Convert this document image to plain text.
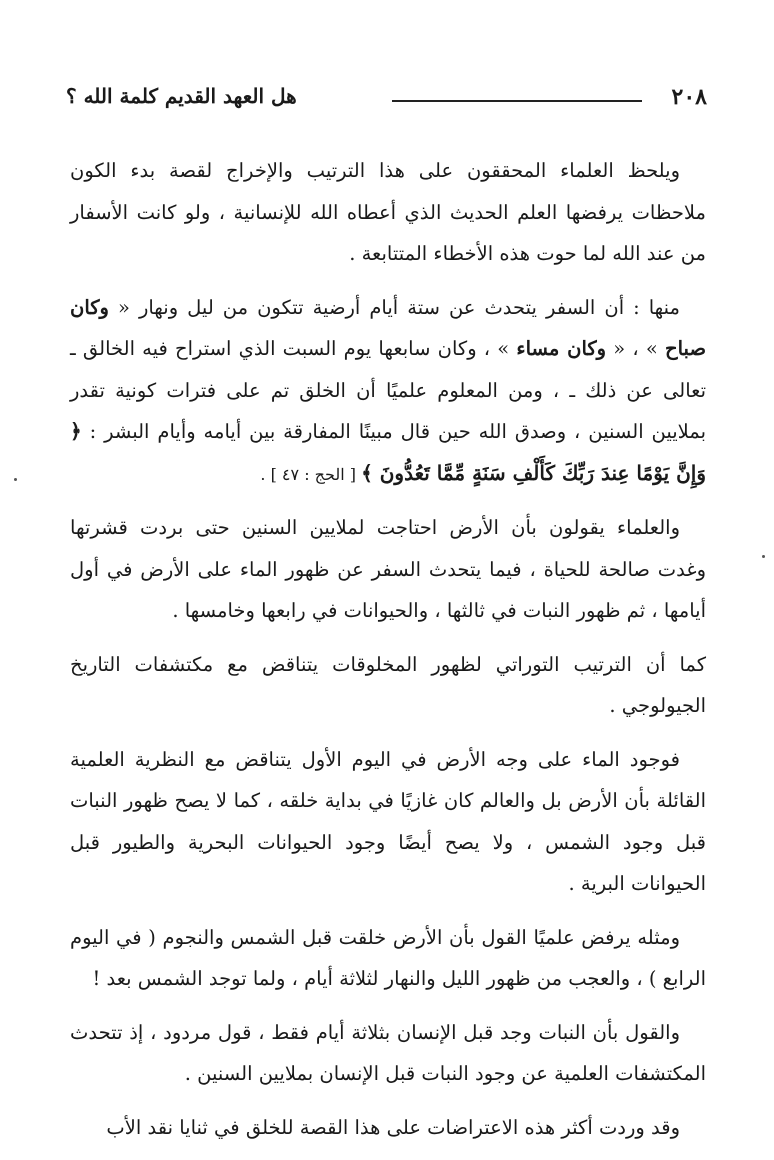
٢٠٨
هل العهد القديم كلمة الله ؟

ويلحظ العلماء المحققون على هذا الترتيب والإخراج لقصة بدء الكون ملاحظات يرفضها العلم الحديث الذي أعطاه الله للإنسانية ، ولو كانت الأسفار من عند الله لما حوت هذه الأخطاء المتتابعة .

منها : أن السفر يتحدث عن ستة أيام أرضية تتكون من ليل ونهار « وكان صباح » ، « وكان مساء » ، وكان سابعها يوم السبت الذي استراح فيه الخالق ـ تعالى عن ذلك ـ ، ومن المعلوم علميًا أن الخلق تم على فترات كونية تقدر بملايين السنين ، وصدق الله حين قال مبينًا المفارقة بين أيامه وأيام البشر : ﴿ وَإِنَّ يَوْمًا عِندَ رَبِّكَ كَأَلْفِ سَنَةٍ مِّمَّا تَعُدُّونَ ﴾ [ الحج : ٤٧ ] .

والعلماء يقولون بأن الأرض احتاجت لملايين السنين حتى بردت قشرتها وغدت صالحة للحياة ، فيما يتحدث السفر عن ظهور الماء على الأرض في أول أيامها ، ثم ظهور النبات في ثالثها ، والحيوانات في رابعها وخامسها .

كما أن الترتيب التوراتي لظهور المخلوقات يتناقض مع مكتشفات التاريخ الجيولوجي .

فوجود الماء على وجه الأرض في اليوم الأول يتناقض مع النظرية العلمية القائلة بأن الأرض بل والعالم كان غازيًا في بداية خلقه ، كما لا يصح ظهور النبات قبل وجود الشمس ، ولا يصح أيضًا وجود الحيوانات البحرية والطيور قبل الحيوانات البرية .

ومثله يرفض علميًا القول بأن الأرض خلقت قبل الشمس والنجوم ( في اليوم الرابع ) ، والعجب من ظهور الليل والنهار لثلاثة أيام ، ولما توجد الشمس بعد !

والقول بأن النبات وجد قبل الإنسان بثلاثة أيام فقط ، قول مردود ، إذ تتحدث المكتشفات العلمية عن وجود النبات قبل الإنسان بملايين السنين .

وقد وردت أكثر هذه الاعتراضات على هذا القصة للخلق في ثنايا نقد الأب
